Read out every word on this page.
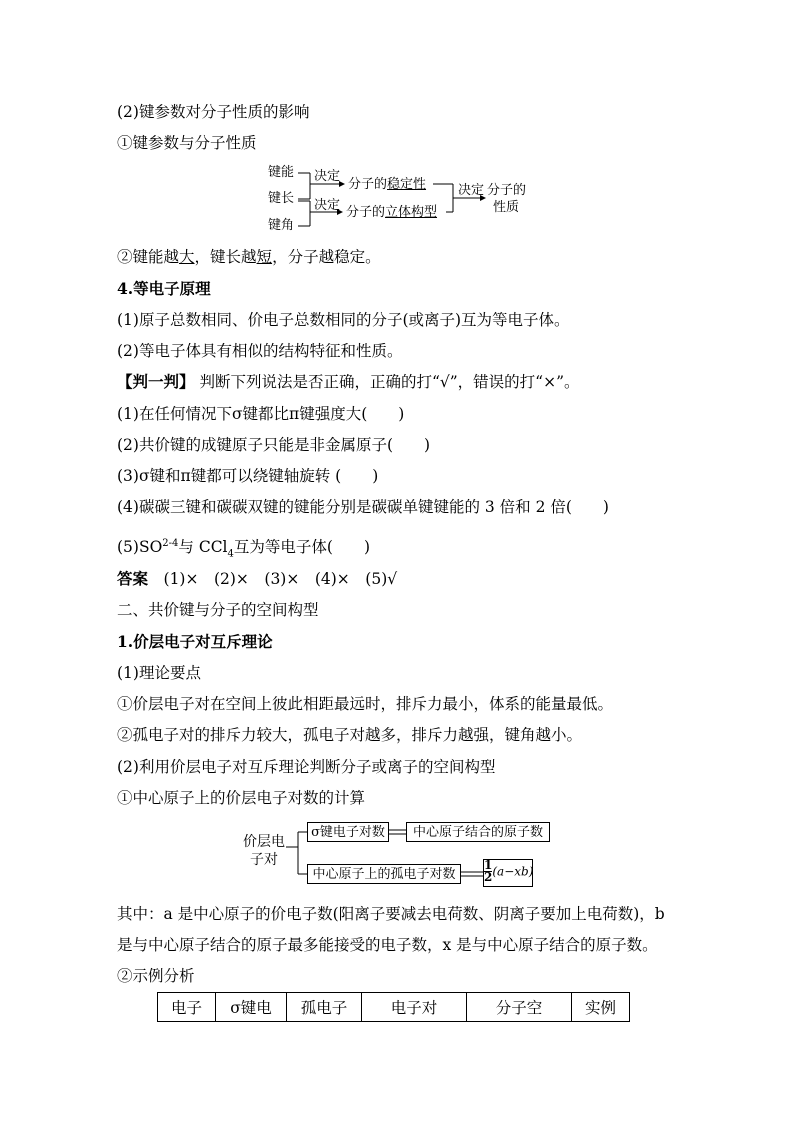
(2)键参数对分子性质的影响
①键参数与分子性质
键能
键长
键角
决定
决定
分子的稳定性
分子的立体构型
决定 分子的
性质
②键能越大，键长越短，分子越稳定。
4.等电子原理
(1)原子总数相同、价电子总数相同的分子(或离子)互为等电子体。
(2)等电子体具有相似的结构特征和性质。
【判一判】 判断下列说法是否正确，正确的打“√”，错误的打“×”。
(1)在任何情况下σ键都比π键强度大(　　)
(2)共价键的成键原子只能是非金属原子(　　)
(3)σ键和π键都可以绕键轴旋转 (　　)
(4)碳碳三键和碳碳双键的键能分别是碳碳单键键能的 3 倍和 2 倍(　　)
(5)SO$^{2-4}$与 CCl$_4$互为等电子体(　　)
答案　(1)×　(2)×　(3)×　(4)×　(5)√
二、共价键与分子的空间构型
1.价层电子对互斥理论
(1)理论要点
①价层电子对在空间上彼此相距最远时，排斥力最小，体系的能量最低。
②孤电子对的排斥力较大，孤电子对越多，排斥力越强，键角越小。
(2)利用价层电子对互斥理论判断分子或离子的空间构型
①中心原子上的价层电子对数的计算
价层电
子对
σ键电子对数	中心原子结合的原子数
中心原子上的孤电子对数	$\frac{1}{2} (a-xb)$
其中：a 是中心原子的价电子数(阳离子要减去电荷数、阴离子要加上电荷数)，b
是与中心原子结合的原子最多能接受的电子数，x 是与中心原子结合的原子数。
②示例分析
电子	σ键电	孤电子	电子对	分子空	实例
